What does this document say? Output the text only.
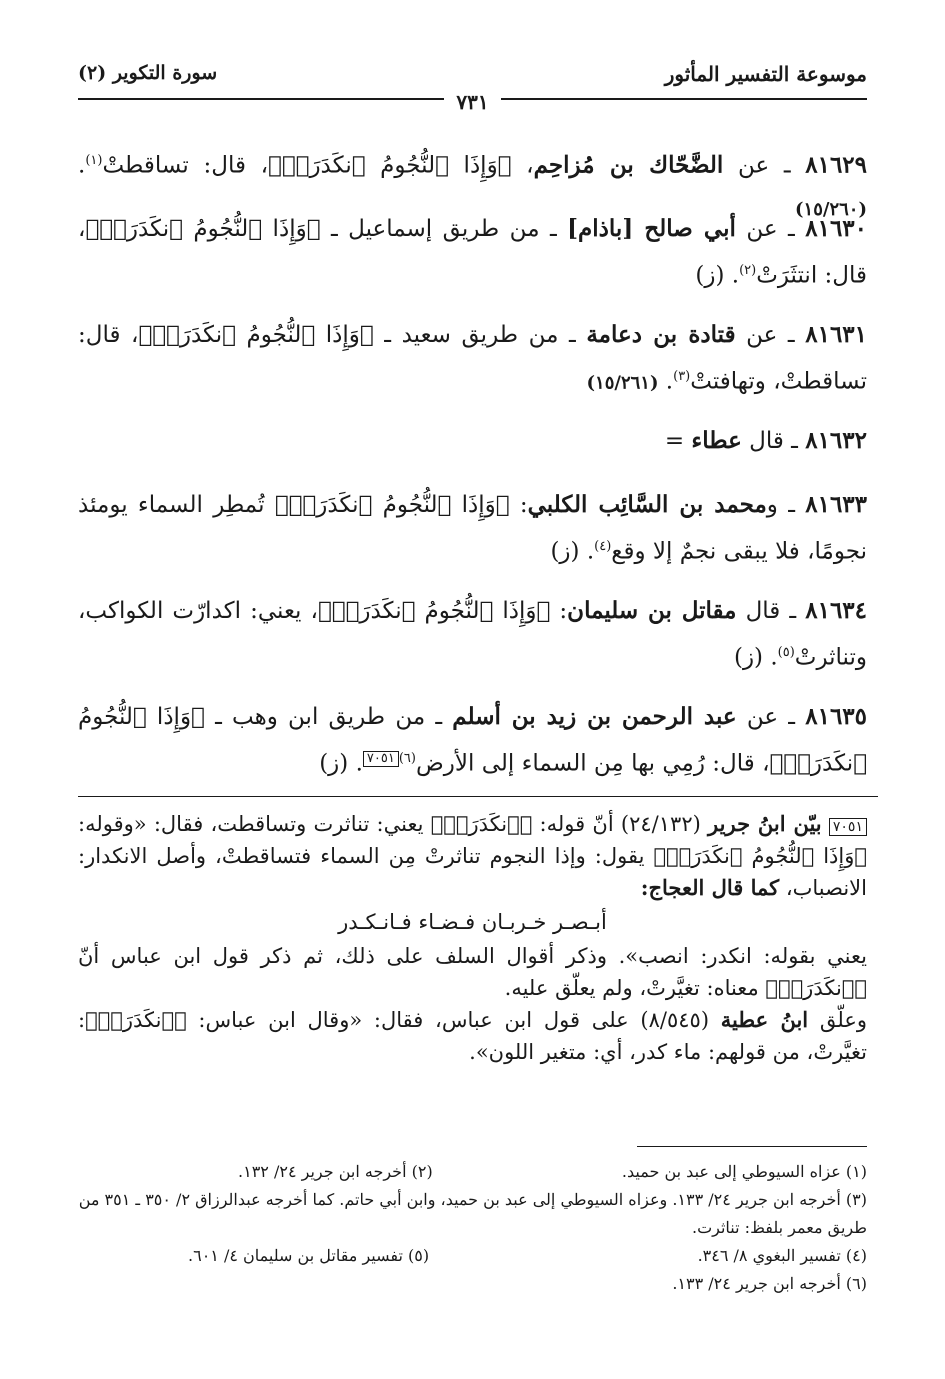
موسوعة التفسير المأثور
سورة التكوير (٢)
٧٣١
٨١٦٢٩ ـ عن الضَّحّاك بن مُزاحِم، ﴿وَإِذَا ٱلنُّجُومُ ٱنكَدَرَتۡ﴾، قال: تساقطتْ$^{(١)}$. (١٥/٢٦٠)
٨١٦٣٠ ـ عن أبي صالح [باذام] ـ من طريق إسماعيل ـ ﴿وَإِذَا ٱلنُّجُومُ ٱنكَدَرَتۡ﴾، قال: انتثَرَتْ$^{(٢)}$. (ز)
٨١٦٣١ ـ عن قتادة بن دعامة ـ من طريق سعيد ـ ﴿وَإِذَا ٱلنُّجُومُ ٱنكَدَرَتۡ﴾، قال: تساقطتْ، وتهافتتْ$^{(٣)}$. (١٥/٢٦١)
٨١٦٣٢ ـ قال عطاء =
٨١٦٣٣ ـ ومحمد بن السَّائِب الكلبي: ﴿وَإِذَا ٱلنُّجُومُ ٱنكَدَرَتۡ﴾ تُمطِر السماء يومئذ نجومًا، فلا يبقى نجمٌ إلا وقع$^{(٤)}$. (ز)
٨١٦٣٤ ـ قال مقاتل بن سليمان: ﴿وَإِذَا ٱلنُّجُومُ ٱنكَدَرَتۡ﴾، يعني: اكدارّت الكواكب، وتناثرتْ$^{(٥)}$. (ز)
٨١٦٣٥ ـ عن عبد الرحمن بن زيد بن أسلم ـ من طريق ابن وهب ـ ﴿وَإِذَا ٱلنُّجُومُ ٱنكَدَرَتۡ﴾، قال: رُمِي بها مِن السماء إلى الأرض$^{(٦)}$٧٠٥١. (ز)
٧٠٥١ بيّن ابنُ جرير (٢٤/١٣٢) أنّ قوله: ﴿ٱنكَدَرَتۡ﴾ يعني: تناثرت وتساقطت، فقال: «وقوله: ﴿وَإِذَا ٱلنُّجُومُ ٱنكَدَرَتۡ﴾ يقول: وإذا النجوم تناثرتْ مِن السماء فتساقطتْ، وأصل الانكدار: الانصباب، كما قال العجاج:

أبـصـر خـربـان فـضـاء فـانـكـدر

يعني بقوله: انكدر: انصب». وذكر أقوال السلف على ذلك، ثم ذكر قول ابن عباس أنّ ﴿ٱنكَدَرَتۡ﴾ معناه: تغيَّرتْ، ولم يعلّق عليه.
وعلّق ابنُ عطية (٨/٥٤٥) على قول ابن عباس، فقال: «وقال ابن عباس: ﴿ٱنكَدَرَتۡ﴾: تغيَّرتْ، من قولهم: ماء كدر، أي: متغير اللون».
(١) عزاه السيوطي إلى عبد بن حميد.
(٢) أخرجه ابن جرير ٢٤/ ١٣٢.
(٣) أخرجه ابن جرير ٢٤/ ١٣٣. وعزاه السيوطي إلى عبد بن حميد، وابن أبي حاتم. كما أخرجه عبدالرزاق ٢/ ٣٥٠ ـ ٣٥١ من طريق معمر بلفظ: تناثرت.
(٤) تفسير البغوي ٨/ ٣٤٦.
(٥) تفسير مقاتل بن سليمان ٤/ ٦٠١.
(٦) أخرجه ابن جرير ٢٤/ ١٣٣.
